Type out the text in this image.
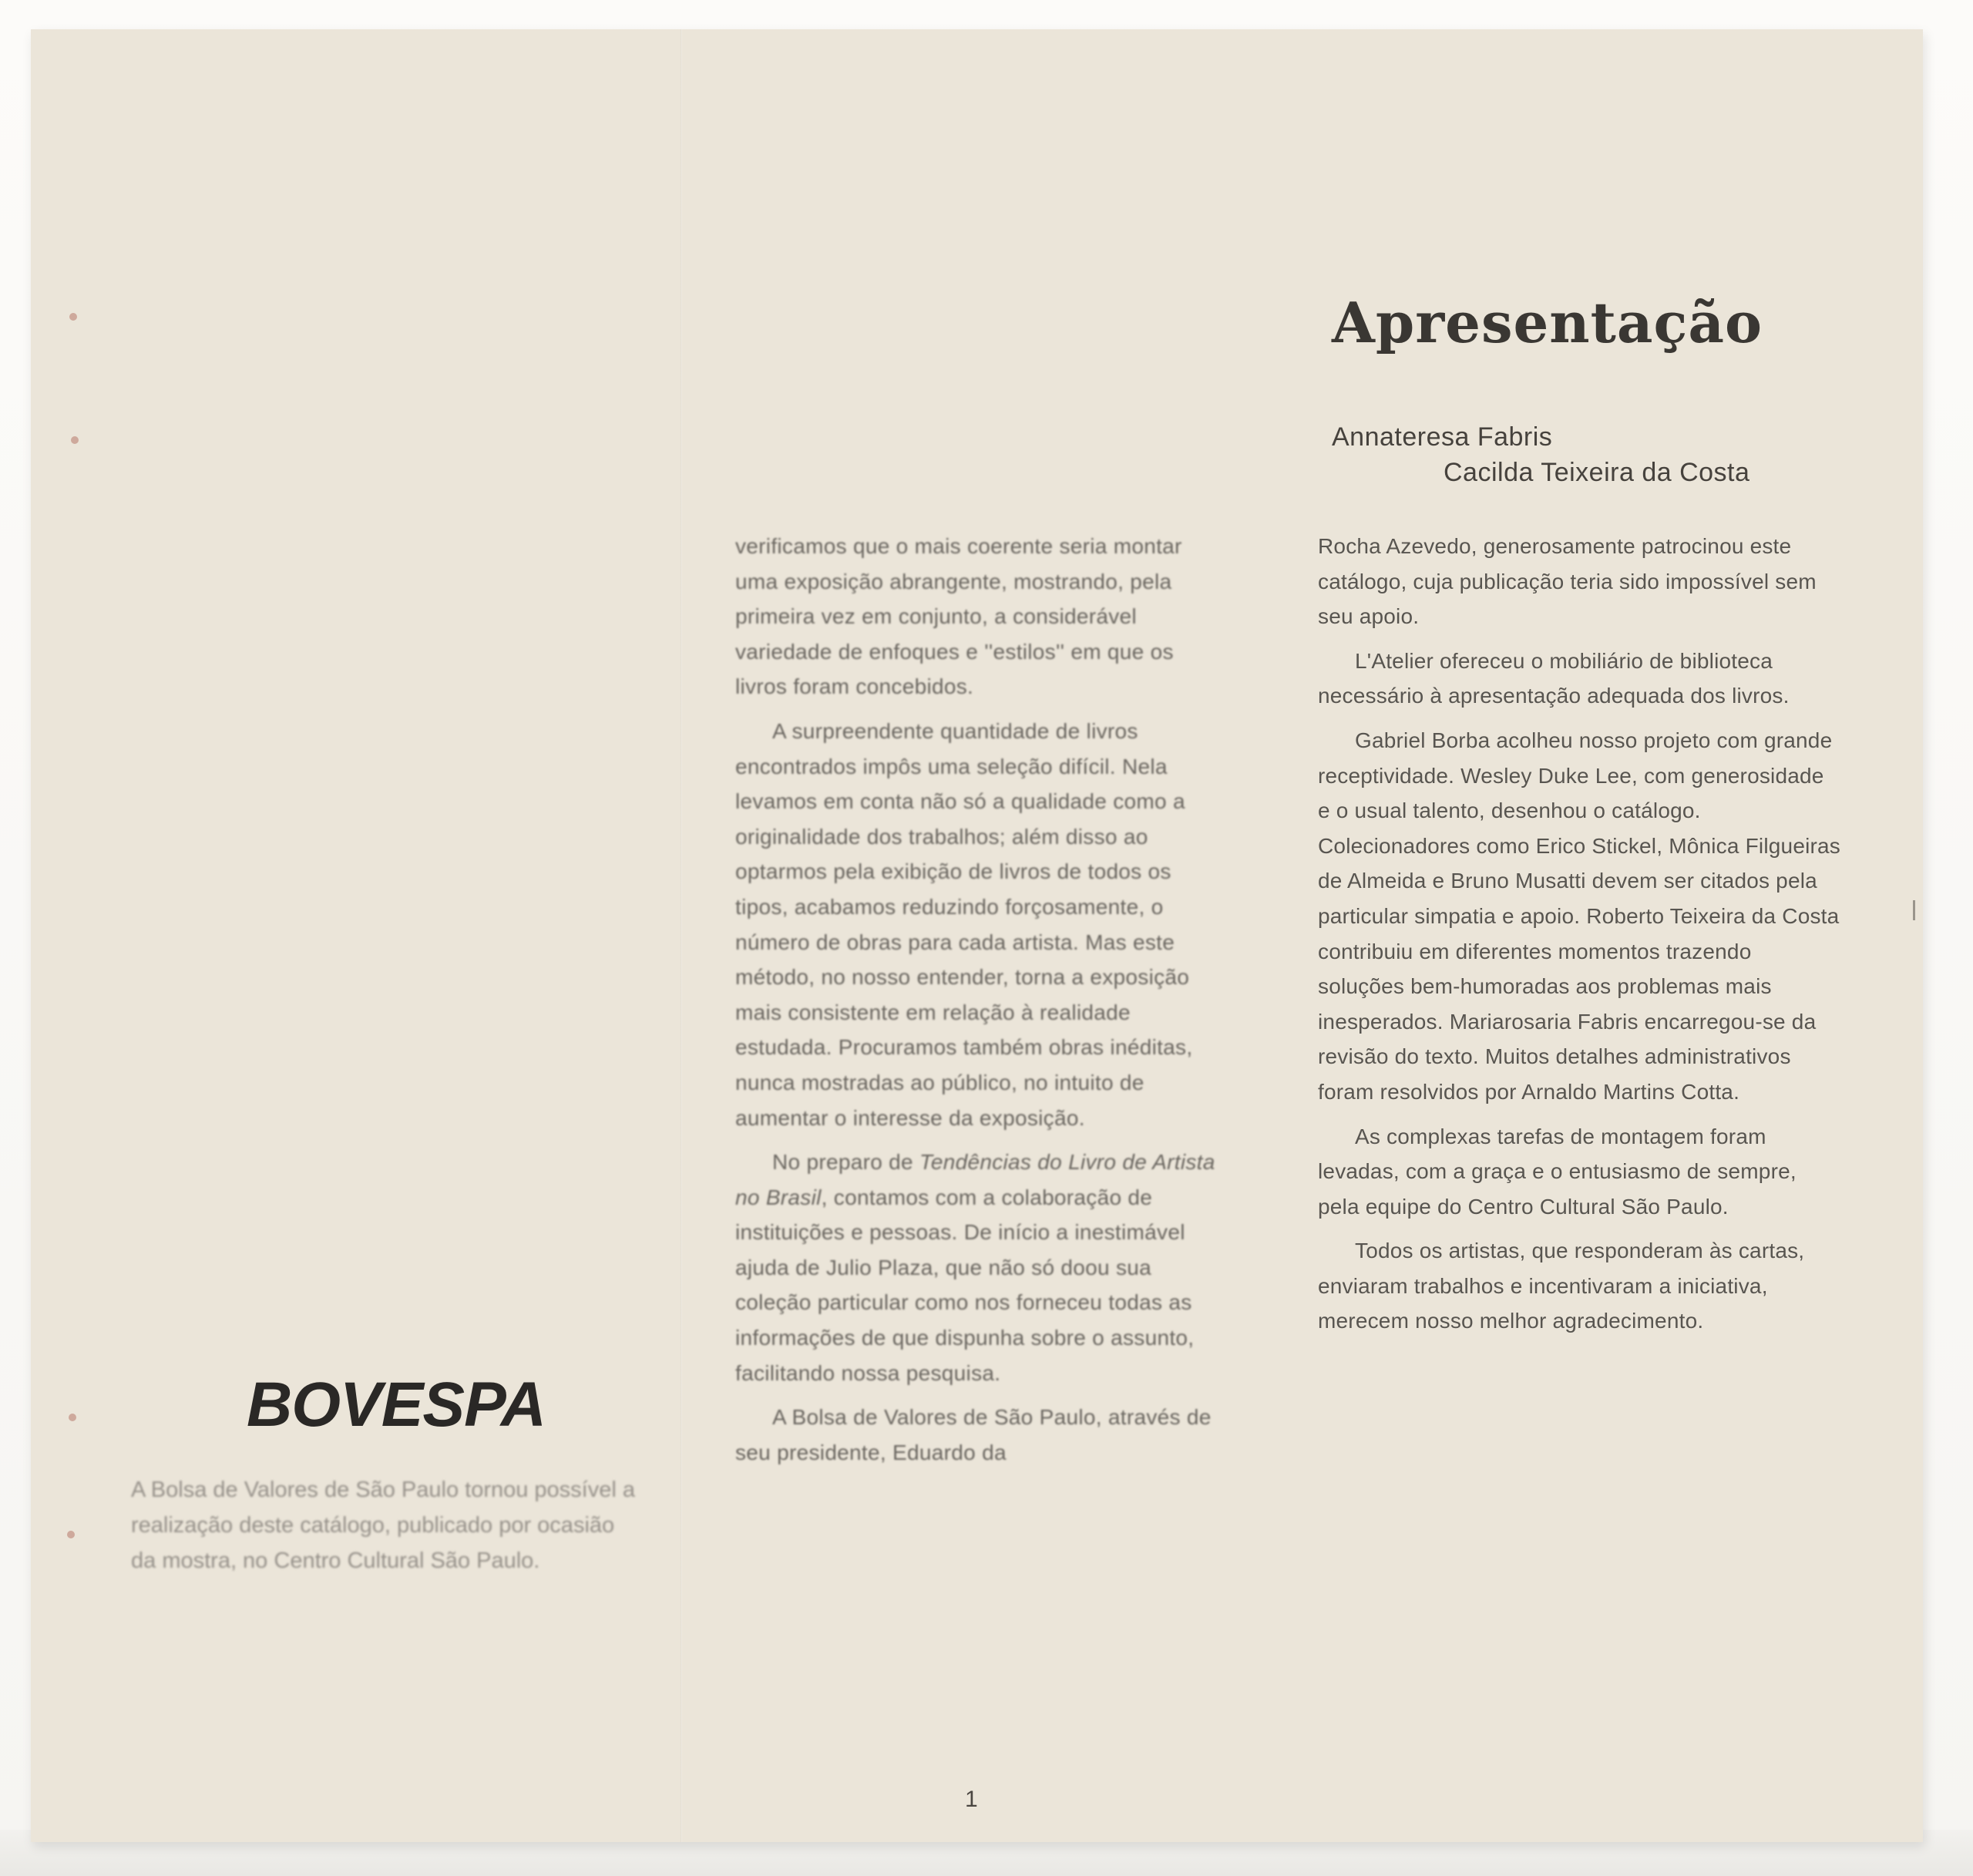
Apresentação

Annateresa Fabris

Cacilda Teixeira da Costa

verificamos que o mais coerente seria montar uma exposição abrangente, mostrando, pela primeira vez em conjunto, a considerável variedade de enfoques e ''estilos'' em que os livros foram concebidos.

A surpreendente quantidade de livros encontrados impôs uma seleção difícil. Nela levamos em conta não só a qualidade como a originalidade dos trabalhos; além disso ao optarmos pela exibição de livros de todos os tipos, acabamos reduzindo forçosamente, o número de obras para cada artista. Mas este método, no nosso entender, torna a exposição mais consistente em relação à realidade estudada. Procuramos também obras inéditas, nunca mostradas ao público, no intuito de aumentar o interesse da exposição.

No preparo de Tendências do Livro de Artista no Brasil, contamos com a colaboração de instituições e pessoas. De início a inestimável ajuda de Julio Plaza, que não só doou sua coleção particular como nos forneceu todas as informações de que dispunha sobre o assunto, facilitando nossa pesquisa.

A Bolsa de Valores de São Paulo, através de seu presidente, Eduardo da

Rocha Azevedo, generosamente patrocinou este catálogo, cuja publicação teria sido impossível sem seu apoio.

L'Atelier ofereceu o mobiliário de biblioteca necessário à apresentação adequada dos livros.

Gabriel Borba acolheu nosso projeto com grande receptividade. Wesley Duke Lee, com generosidade e o usual talento, desenhou o catálogo. Colecionadores como Erico Stickel, Mônica Filgueiras de Almeida e Bruno Musatti devem ser citados pela particular simpatia e apoio. Roberto Teixeira da Costa contribuiu em diferentes momentos trazendo soluções bem-humoradas aos problemas mais inesperados. Mariarosaria Fabris encarregou-se da revisão do texto. Muitos detalhes administrativos foram resolvidos por Arnaldo Martins Cotta.

As complexas tarefas de montagem foram levadas, com a graça e o entusiasmo de sempre, pela equipe do Centro Cultural São Paulo.

Todos os artistas, que responderam às cartas, enviaram trabalhos e incentivaram a iniciativa, merecem nosso melhor agradecimento.

BOVESPA

A Bolsa de Valores de São Paulo tornou possível a realização deste catálogo, publicado por ocasião da mostra, no Centro Cultural São Paulo.

1
